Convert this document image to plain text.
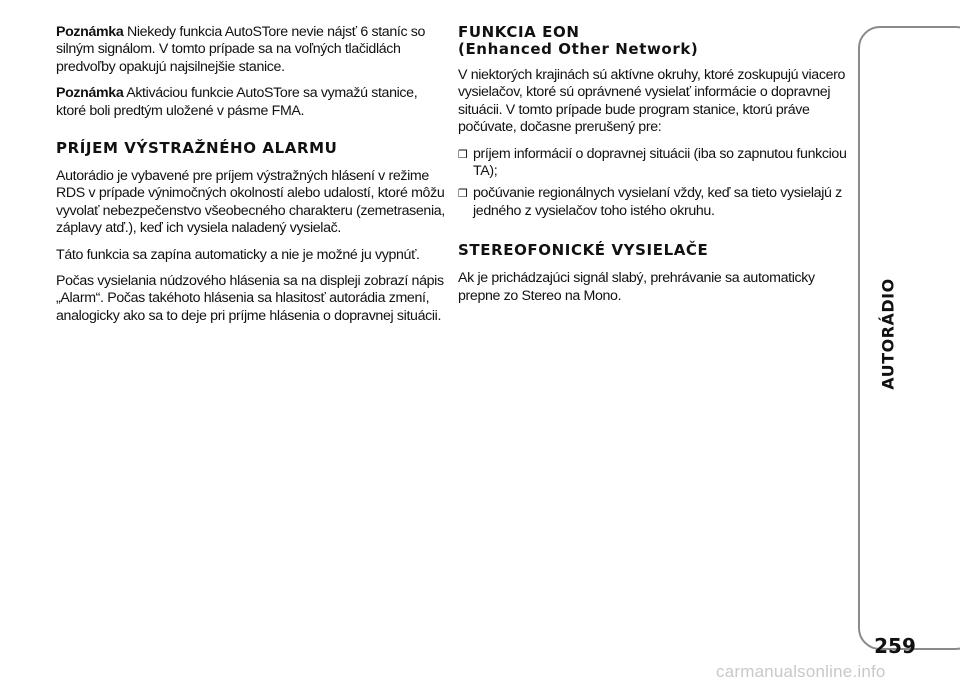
Poznámka Niekedy funkcia AutoSTore nevie nájsť 6 staníc so silným signálom. V tomto prípade sa na voľných tlačidlách predvoľby opakujú najsilnejšie stanice.

Poznámka Aktiváciou funkcie AutoSTore sa vymažú stanice, ktoré boli predtým uložené v pásme FMA.

PRÍJEM VÝSTRAŽNÉHO ALARMU

Autorádio je vybavené pre príjem výstražných hlásení v režime RDS v prípade výnimočných okolností alebo udalostí, ktoré môžu vyvolať nebezpečenstvo všeobecného charakteru (zemetrasenia, záplavy atď.), keď ich vysiela naladený vysielač.

Táto funkcia sa zapína automaticky a nie je možné ju vypnúť.

Počas vysielania núdzového hlásenia sa na displeji zobrazí nápis „Alarm“. Počas takéhoto hlásenia sa hlasitosť autorádia zmení, analogicky ako sa to deje pri príjme hlásenia o dopravnej situácii.

FUNKCIA EON
(Enhanced Other Network)

V niektorých krajinách sú aktívne okruhy, ktoré zoskupujú viacero vysielačov, ktoré sú oprávnené vysielať informácie o dopravnej situácii. V tomto prípade bude program stanice, ktorú práve počúvate, dočasne prerušený pre:

❒ príjem informácií o dopravnej situácii (iba so zapnutou funkciou TA);
❒ počúvanie regionálnych vysielaní vždy, keď sa tieto vysielajú z jedného z vysielačov toho istého okruhu.
STEREOFONICKÉ VYSIELAČE

Ak je prichádzajúci signál slabý, prehrávanie sa automaticky prepne zo Stereo na Mono.	AUTORÁDIO
259
carmanualsonline.info
